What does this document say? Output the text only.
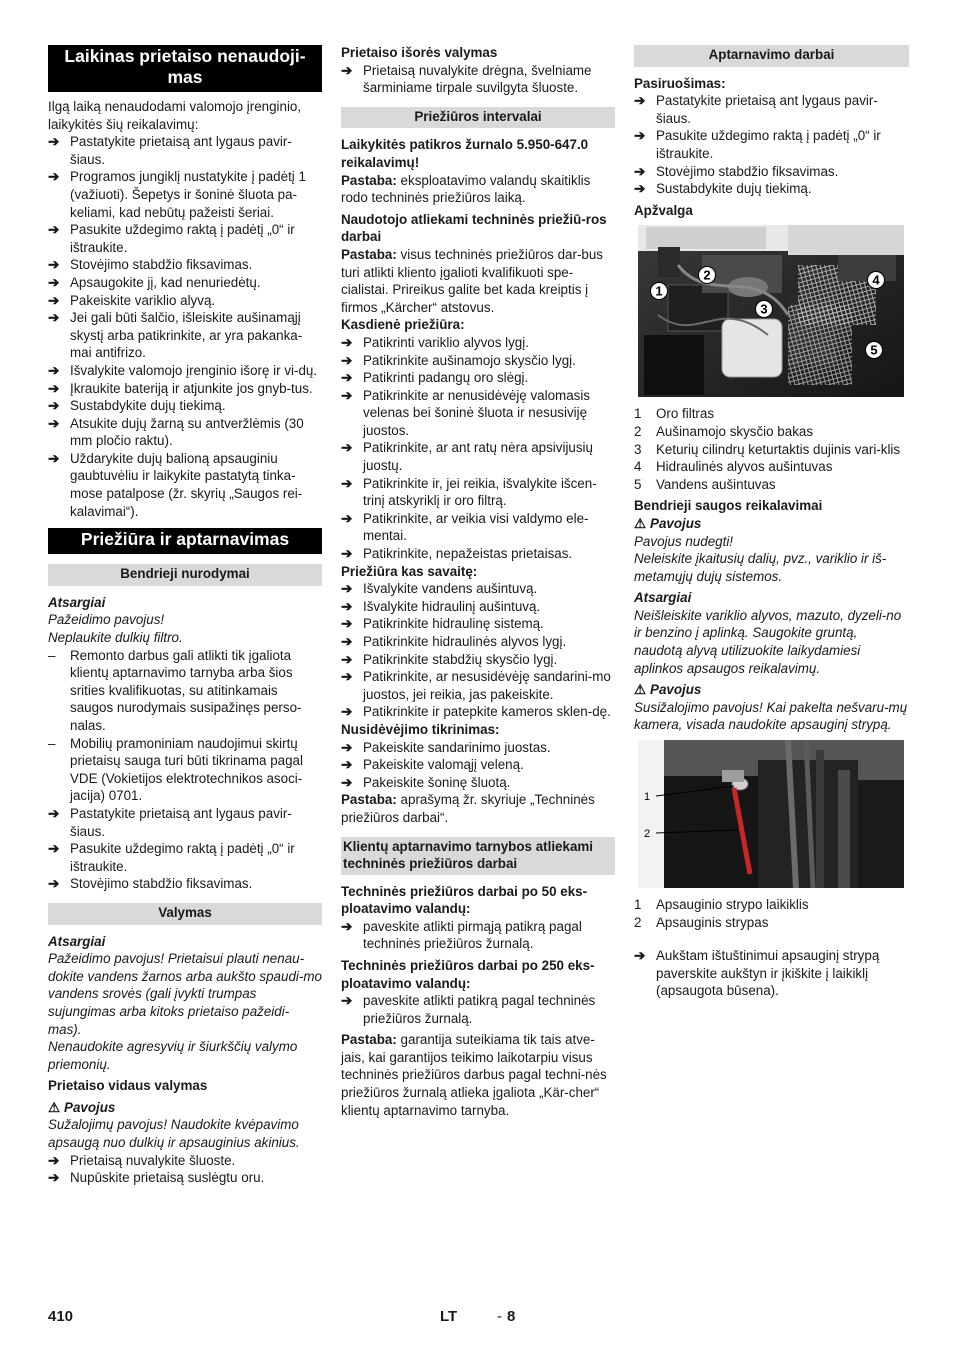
Laikinas prietaiso nenaudoji-mas

Ilgą laiką nenaudodami valomojo įrenginio, laikykitės šių reikalavimų:

➔ Pastatykite prietaisą ant lygaus pavir-šiaus.
➔ Programos jungiklį nustatykite į padėtį 1 (važiuoti). Šepetys ir šoninė šluota pa-keliami, kad nebūtų pažeisti šeriai.
➔ Pasukite uždegimo raktą į padėtį „0“ ir ištraukite.
➔ Stovėjimo stabdžio fiksavimas.
➔ Apsaugokite jį, kad nenuriedėtų.
➔ Pakeiskite variklio alyvą.
➔ Jei gali būti šalčio, išleiskite aušinamąjį skystį arba patikrinkite, ar yra pakanka-mai antifrizo.
➔ Išvalykite valomojo įrenginio išorę ir vi-dų.
➔ Įkraukite bateriją ir atjunkite jos gnyb-tus.
➔ Sustabdykite dujų tiekimą.
➔ Atsukite dujų žarną su antveržlėmis (30 mm pločio raktu).
➔ Uždarykite dujų balioną apsauginiu gaubtuvėliu ir laikykite pastatytą tinka-mose patalpose (žr. skyrių „Saugos rei-kalavimai“).
Priežiūra ir aptarnavimas
Bendrieji nurodymai

Atsargiai

Pažeidimo pavojus!

Neplaukite dulkių filtro.

– Remonto darbus gali atlikti tik įgaliota klientų aptarnavimo tarnyba arba šios srities kvalifikuotas, su atitinkamais saugos nurodymais susipažinęs perso-nalas.
– Mobilių pramoniniam naudojimui skirtų prietaisų sauga turi būti tikrinama pagal VDE (Vokietijos elektrotechnikos asoci-jacija) 0701.
➔ Pastatykite prietaisą ant lygaus pavir-šiaus.
➔ Pasukite uždegimo raktą į padėtį „0“ ir ištraukite.
➔ Stovėjimo stabdžio fiksavimas.
Valymas

Atsargiai

Pažeidimo pavojus! Prietaisui plauti nenau-dokite vandens žarnos arba aukšto spaudi-mo vandens srovės (gali įvykti trumpas sujungimas arba kitoks prietaiso pažeidi-mas).

Nenaudokite agresyvių ir šiurkščių valymo priemonių.

Prietaiso vidaus valymas

⚠ Pavojus

Sužalojimų pavojus! Naudokite kvėpavimo apsaugą nuo dulkių ir apsauginius akinius.

➔ Prietaisą nuvalykite šluoste.
➔ Nupūskite prietaisą suslėgtu oru.

Prietaiso išorės valymas

➔ Prietaisą nuvalykite drėgna, švelniame šarminiame tirpale suvilgyta šluoste.
Priežiūros intervalai

Laikykitės patikros žurnalo 5.950-647.0 reikalavimų!

Pastaba: eksploatavimo valandų skaitiklis rodo techninės priežiūros laiką.

Naudotojo atliekami techninės priežiū-ros darbai

Pastaba: visus techninės priežiūros dar-bus turi atlikti kliento įgalioti kvalifikuoti spe-cialistai. Prireikus galite bet kada kreiptis į firmos „Kärcher“ atstovus.

Kasdienė priežiūra:

➔ Patikrinti variklio alyvos lygį.
➔ Patikrinkite aušinamojo skysčio lygį.
➔ Patikrinti padangų oro slėgį.
➔ Patikrinkite ar nenusidėvėję valomasis velenas bei šoninė šluota ir nesusiviję juostos.
➔ Patikrinkite, ar ant ratų nėra apsivijusių juostų.
➔ Patikrinkite ir, jei reikia, išvalykite išcen-trinį atskyriklį ir oro filtrą.
➔ Patikrinkite, ar veikia visi valdymo ele-mentai.
➔ Patikrinkite, nepažeistas prietaisas.

Priežiūra kas savaitę:

➔ Išvalykite vandens aušintuvą.
➔ Išvalykite hidraulinį aušintuvą.
➔ Patikrinkite hidraulinę sistemą.
➔ Patikrinkite hidraulinės alyvos lygį.
➔ Patikrinkite stabdžių skysčio lygį.
➔ Patikrinkite, ar nesusidėvėję sandarini-mo juostos, jei reikia, jas pakeiskite.
➔ Patikrinkite ir patepkite kameros sklen-dę.

Nusidėvėjimo tikrinimas:

➔ Pakeiskite sandarinimo juostas.
➔ Pakeiskite valomąjį veleną.
➔ Pakeiskite šoninę šluotą.

Pastaba: aprašymą žr. skyriuje „Techninės priežiūros darbai“.

Klientų aptarnavimo tarnybos atliekami techninės priežiūros darbai

Techninės priežiūros darbai po 50 eks-ploatavimo valandų:

➔ paveskite atlikti pirmąją patikrą pagal techninės priežiūros žurnalą.

Techninės priežiūros darbai po 250 eks-ploatavimo valandų:

➔ paveskite atlikti patikrą pagal techninės priežiūros žurnalą.

Pastaba: garantija suteikiama tik tais atve-jais, kai garantijos teikimo laikotarpiu visus techninės priežiūros darbus pagal techni-nės priežiūros žurnalą atlieka įgaliota „Kär-cher“ klientų aptarnavimo tarnyba.

Aptarnavimo darbai

Pasiruošimas:

➔ Pastatykite prietaisą ant lygaus pavir-šiaus.
➔ Pasukite uždegimo raktą į padėtį „0“ ir ištraukite.
➔ Stovėjimo stabdžio fiksavimas.
➔ Sustabdykite dujų tiekimą.

Apžvalga

1
2
3
4
5
1 Oro filtras
2 Aušinamojo skysčio bakas
3 Keturių cilindrų keturtaktis dujinis vari-klis
4 Hidraulinės alyvos aušintuvas
5 Vandens aušintuvas

Bendrieji saugos reikalavimai

⚠ Pavojus

Pavojus nudegti!

Neleiskite įkaitusių dalių, pvz., variklio ir iš-metamųjų dujų sistemos.

Atsargiai

Neišleiskite variklio alyvos, mazuto, dyzeli-no ir benzino į aplinką. Saugokite gruntą, naudotą alyvą utilizuokite laikydamiesi aplinkos apsaugos reikalavimų.

⚠ Pavojus

Susižalojimo pavojus! Kai pakelta nešvaru-mų kamera, visada naudokite apsauginį strypą.

1
2
1 Apsauginio strypo laikiklis
2 Apsauginis strypas
➔ Aukštam ištuštinimui apsauginį strypą paverskite aukštyn ir įkiškite į laikiklį (apsaugota būsena).
410	LT	- 8
